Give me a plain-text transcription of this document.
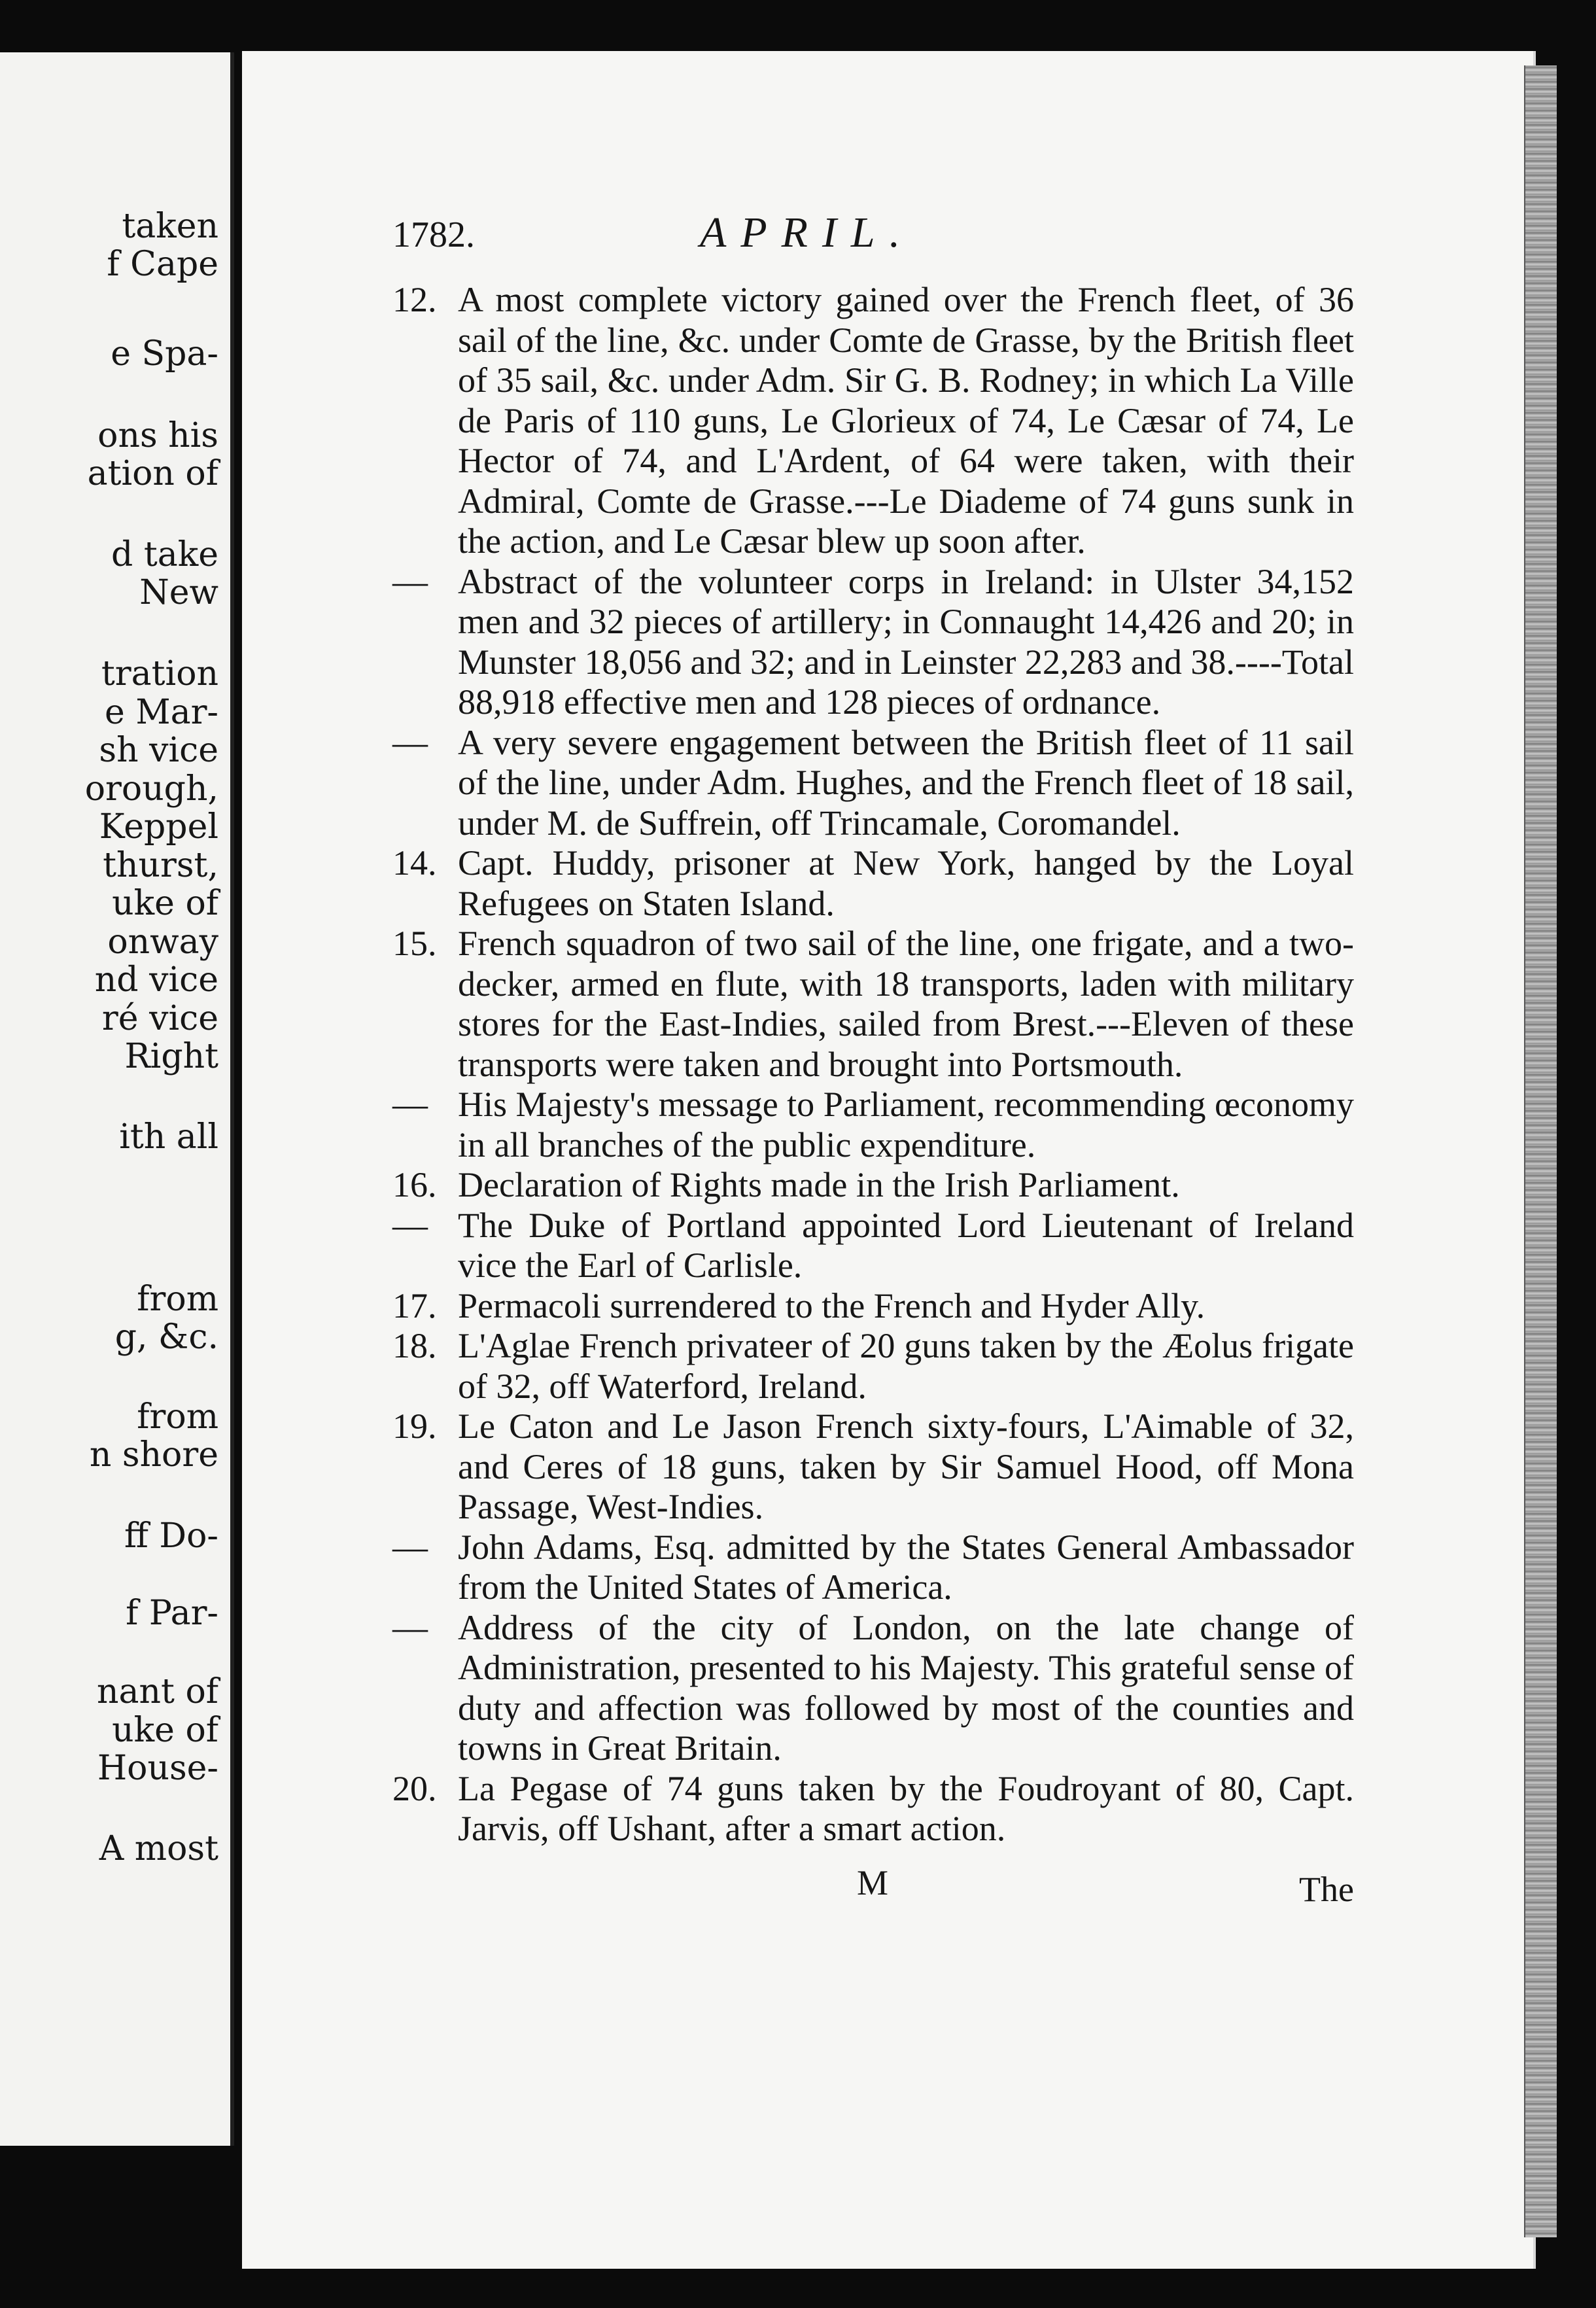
taken
f Cape
e Spa-
ons his
ation of
d take
New
tration
e Mar-
sh vice
orough,
Keppel
thurst,
uke of
onway
nd vice
ré vice
Right
ith all
from
g, &c.
from
n shore
ff Do-
f Par-
nant of
uke of
House-
A most
1782.	APRIL.
12. A most complete victory gained over the French fleet, of 36 sail of the line, &c. under Comte de Grasse, by the British fleet of 35 sail, &c. under Adm. Sir G. B. Rodney; in which La Ville de Paris of 110 guns, Le Glorieux of 74, Le Cæsar of 74, Le Hector of 74, and L'Ardent, of 64 were taken, with their Admiral, Comte de Grasse.---Le Diademe of 74 guns sunk in the action, and Le Cæsar blew up soon after.
— Abstract of the volunteer corps in Ireland: in Ulster 34,152 men and 32 pieces of artillery; in Connaught 14,426 and 20; in Munster 18,056 and 32; and in Leinster 22,283 and 38.----Total 88,918 effective men and 128 pieces of ordnance.
— A very severe engagement between the British fleet of 11 sail of the line, under Adm. Hughes, and the French fleet of 18 sail, under M. de Suffrein, off Trincamale, Coromandel.
14. Capt. Huddy, prisoner at New York, hanged by the Loyal Refugees on Staten Island.
15. French squadron of two sail of the line, one frigate, and a two-decker, armed en flute, with 18 transports, laden with military stores for the East-Indies, sailed from Brest.---Eleven of these transports were taken and brought into Portsmouth.
— His Majesty's message to Parliament, recommending œconomy in all branches of the public expenditure.
16. Declaration of Rights made in the Irish Parliament.
— The Duke of Portland appointed Lord Lieutenant of Ireland vice the Earl of Carlisle.
17. Permacoli surrendered to the French and Hyder Ally.
18. L'Aglae French privateer of 20 guns taken by the Æolus frigate of 32, off Waterford, Ireland.
19. Le Caton and Le Jason French sixty-fours, L'Aimable of 32, and Ceres of 18 guns, taken by Sir Samuel Hood, off Mona Passage, West-Indies.
— John Adams, Esq. admitted by the States General Ambassador from the United States of America.
— Address of the city of London, on the late change of Administration, presented to his Majesty. This grateful sense of duty and affection was followed by most of the counties and towns in Great Britain.
20. La Pegase of 74 guns taken by the Foudroyant of 80, Capt. Jarvis, off Ushant, after a smart action.
M	The
